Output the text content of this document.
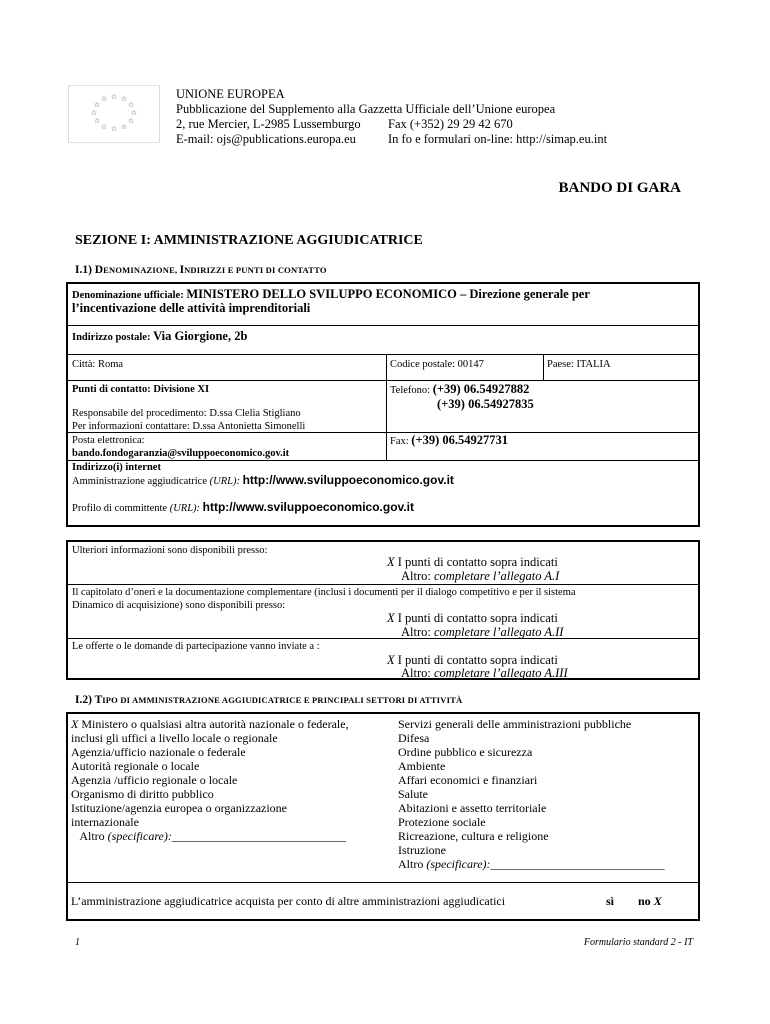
☆ ☆
☆
☆
☆
☆
☆
☆
☆
☆
☆
☆	UNIONE EUROPEA
Pubblicazione del Supplemento alla Gazzetta Ufficiale dell’Unione europea
2, rue Mercier, L-2985 Lussemburgo Fax (+352) 29 29 42 670
E-mail: ojs@publications.europa.eu	In fo e formulari on-line: http://simap.eu.int
BANDO DI GARA
SEZIONE I: AMMINISTRAZIONE AGGIUDICATRICE
I.1) DENOMINAZIONE, INDIRIZZI E PUNTI DI CONTATTO
Denominazione ufficiale: MINISTERO DELLO SVILUPPO ECONOMICO – Direzione generale per
l’incentivazione delle attività imprenditoriali
Indirizzo postale: Via Giorgione, 2b
Città: Roma	Codice postale: 00147	Paese: ITALIA
Punti di contatto: Divisione XI
Responsabile del procedimento: D.ssa Clelia Stigliano
Per informazioni contattare: D.ssa Antonietta Simonelli
Telefono: (+39) 06.54927882
(+39) 06.54927835
Posta elettronica:
bando.fondogaranzia@sviluppoeconomico.gov.it
Fax: (+39) 06.54927731
Indirizzo(i) internet
Amministrazione aggiudicatrice (URL): http://www.sviluppoeconomico.gov.it
Profilo di committente (URL): http://www.sviluppoeconomico.gov.it
Ulteriori informazioni sono disponibili presso:
X I punti di contatto sopra indicati
Altro: completare l’allegato A.I
Il capitolato d’oneri e la documentazione complementare (inclusi i documenti per il dialogo competitivo e per il sistema
Dinamico di acquisizione) sono disponibili presso:
X I punti di contatto sopra indicati
Altro: completare l’allegato A.II
Le offerte o le domande di partecipazione vanno inviate a :
X I punti di contatto sopra indicati
Altro: completare l’allegato A.III
I.2) TIPO DI AMMINISTRAZIONE AGGIUDICATRICE E PRINCIPALI SETTORI DI ATTIVITÀ
X Ministero o qualsiasi altra autorità nazionale o federale,
inclusi gli uffici a livello locale o regionale
Agenzia/ufficio nazionale o federale
Autorità regionale o locale
Agenzia /ufficio regionale o locale
Organismo di diritto pubblico
Istituzione/agenzia europea o organizzazione
internazionale
Altro (specificare):_____________________________
Servizi generali delle amministrazioni pubbliche
Difesa
Ordine pubblico e sicurezza
Ambiente
Affari economici e finanziari
Salute
Abitazioni e assetto territoriale
Protezione sociale
Ricreazione, cultura e religione
Istruzione
Altro (specificare):_____________________________
L’amministrazione aggiudicatrice acquista per conto di altre amministrazioni aggiudicatici	sì no X
1	Formulario standard 2 - IT
